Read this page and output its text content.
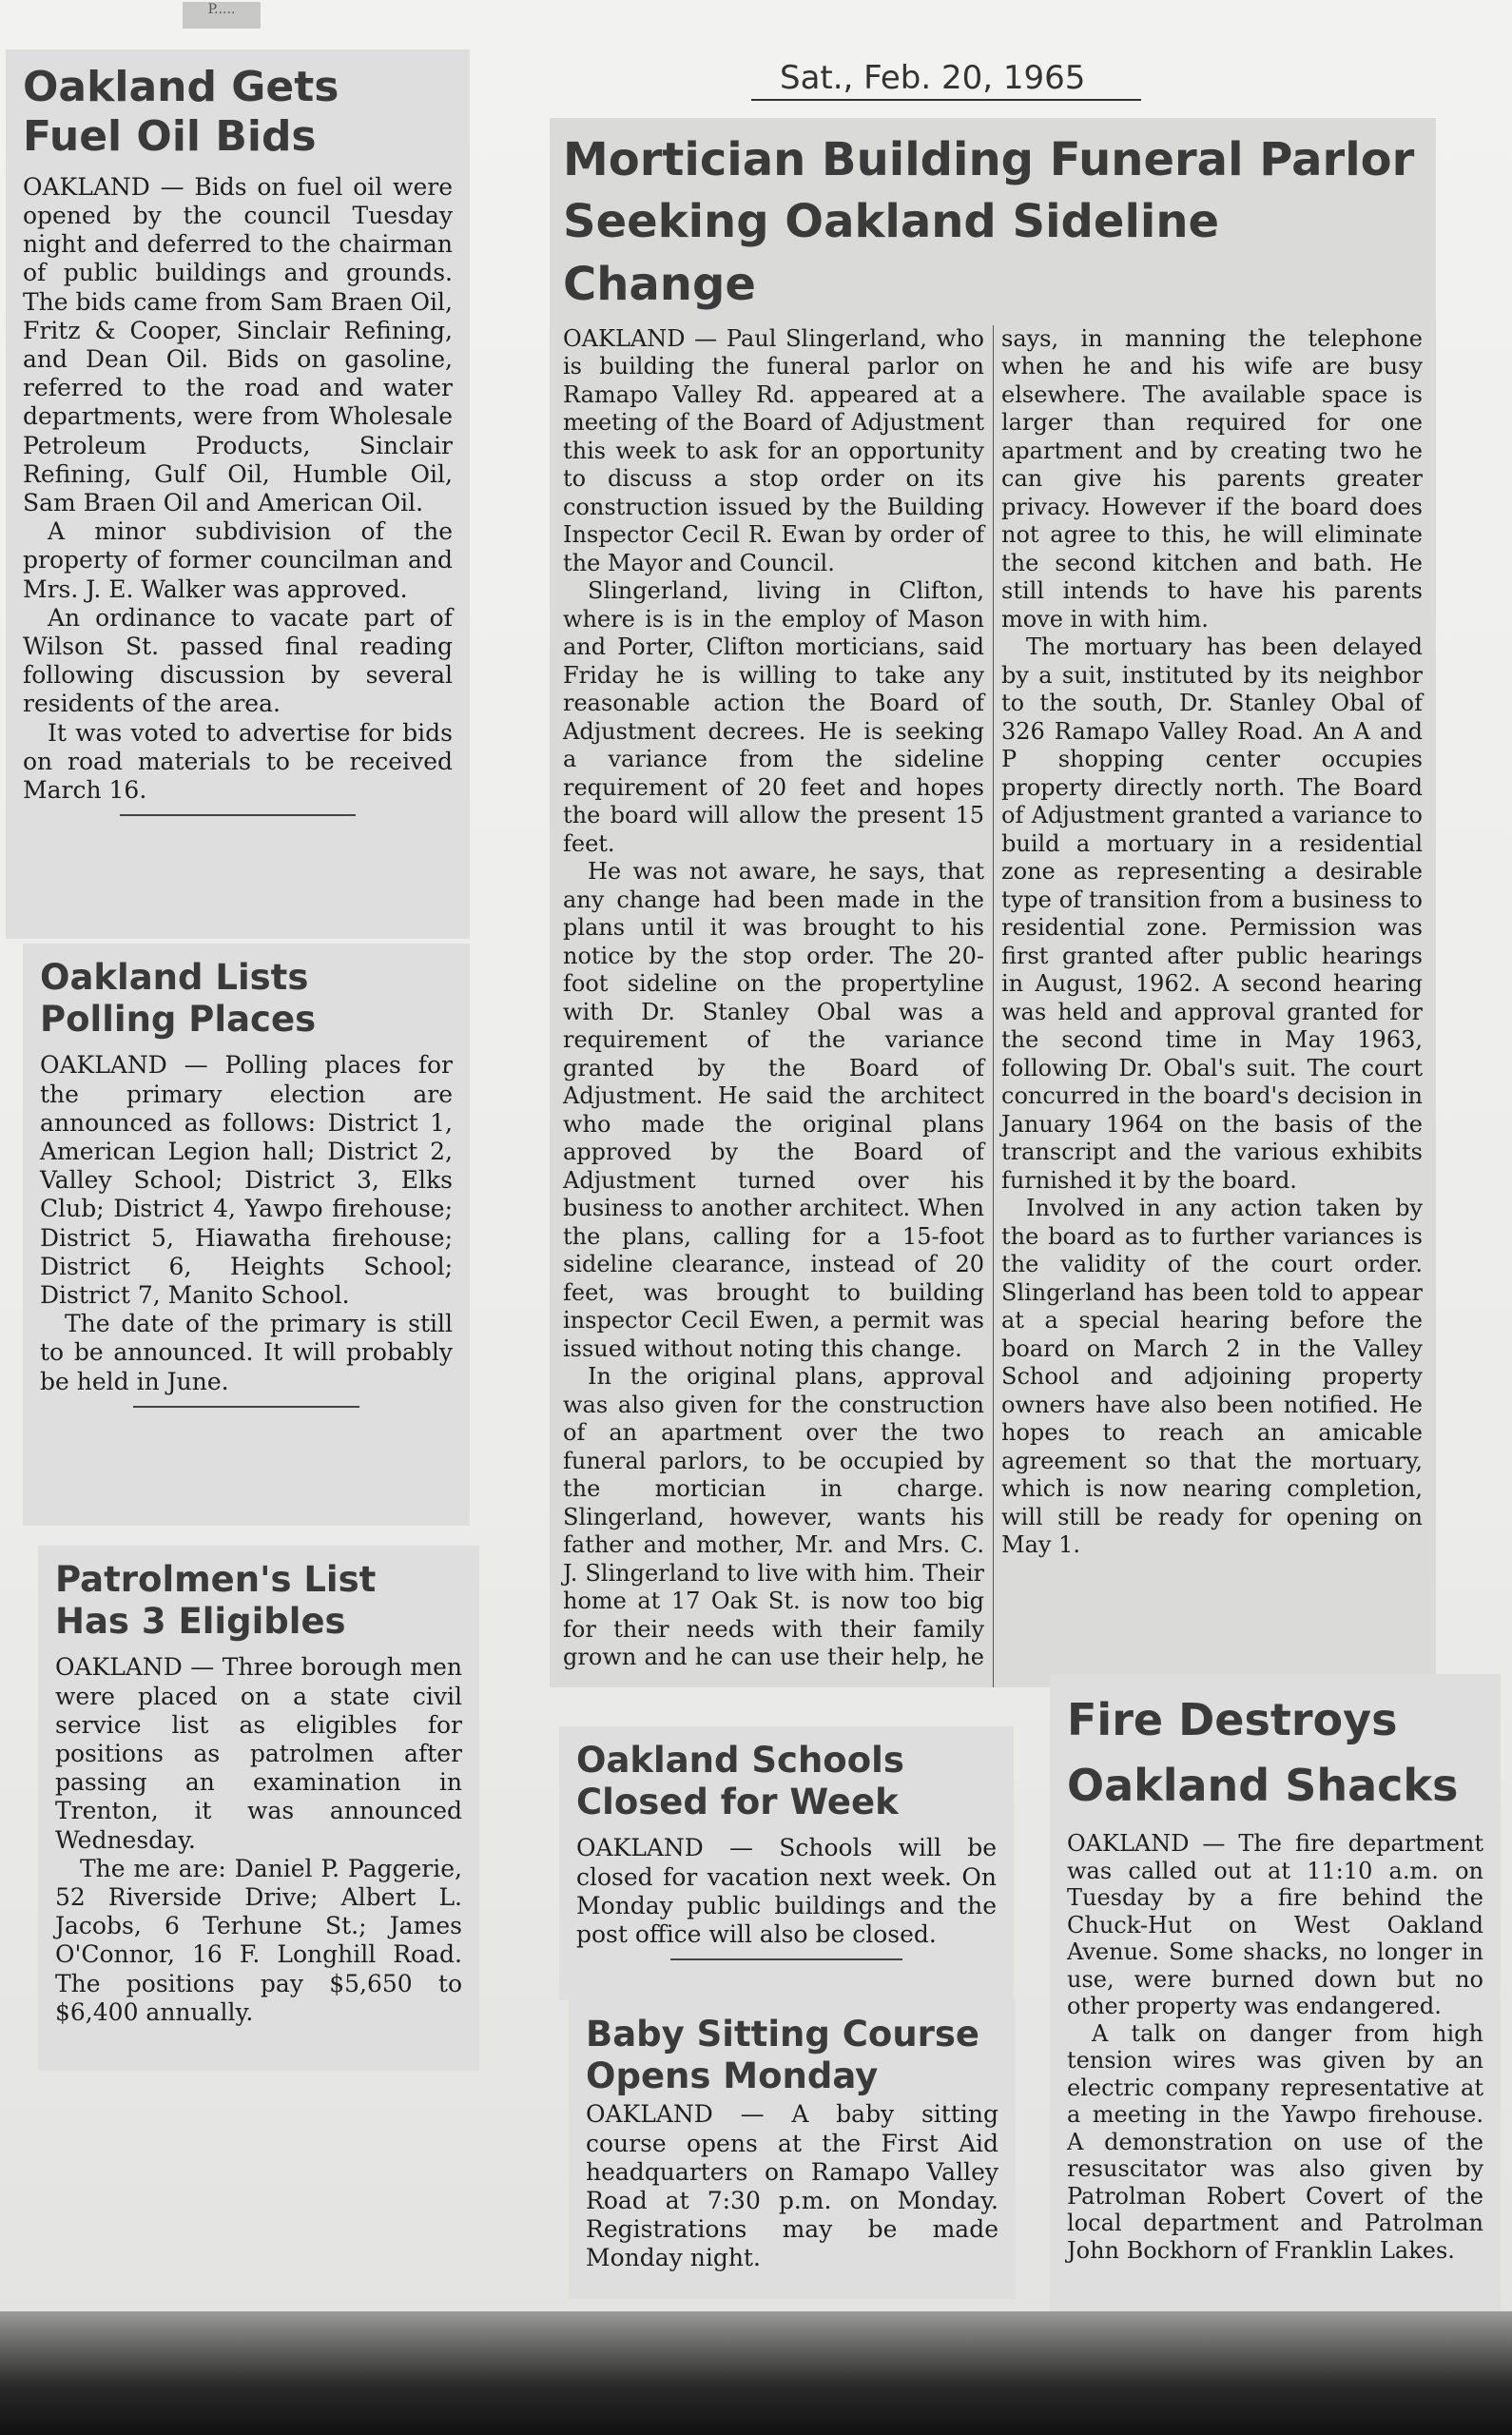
P.....
Sat., Feb. 20, 1965
Oakland Gets
Fuel Oil Bids

OAKLAND — Bids on fuel oil were opened by the council Tuesday night and deferred to the chairman of public buildings and grounds. The bids came from Sam Braen Oil, Fritz & Cooper, Sinclair Refining, and Dean Oil. Bids on gasoline, referred to the road and water departments, were from Wholesale Petroleum Products, Sinclair Refining, Gulf Oil, Humble Oil, Sam Braen Oil and American Oil.

A minor subdivision of the property of former councilman and Mrs. J. E. Walker was approved.

An ordinance to vacate part of Wilson St. passed final reading following discussion by several residents of the area.

It was voted to advertise for bids on road materials to be received March 16.

Oakland Lists
Polling Places

OAKLAND — Polling places for the primary election are announced as follows: District 1, American Legion hall; District 2, Valley School; District 3, Elks Club; District 4, Yawpo firehouse; District 5, Hiawatha firehouse; District 6, Heights School; District 7, Manito School.

The date of the primary is still to be announced. It will probably be held in June.

Patrolmen's List
Has 3 Eligibles

OAKLAND — Three borough men were placed on a state civil service list as eligibles for positions as patrolmen after passing an examination in Trenton, it was announced Wednesday.

The me are: Daniel P. Paggerie, 52 Riverside Drive; Albert L. Jacobs, 6 Terhune St.; James O'Connor, 16 F. Longhill Road. The positions pay $5,650 to $6,400 annually.

Mortician Building Funeral Parlor
Seeking Oakland Sideline Change

OAKLAND — Paul Slingerland, who is building the funeral parlor on Ramapo Valley Rd. appeared at a meeting of the Board of Adjustment this week to ask for an opportunity to discuss a stop order on its construction issued by the Building Inspector Cecil R. Ewan by order of the Mayor and Council.

Slingerland, living in Clifton, where is is in the employ of Mason and Porter, Clifton morticians, said Friday he is willing to take any reasonable action the Board of Adjustment decrees. He is seeking a variance from the sideline requirement of 20 feet and hopes the board will allow the present 15 feet.

He was not aware, he says, that any change had been made in the plans until it was brought to his notice by the stop order. The 20-foot sideline on the propertyline with Dr. Stanley Obal was a requirement of the variance granted by the Board of Adjustment. He said the architect who made the original plans approved by the Board of Adjustment turned over his business to another architect. When the plans, calling for a 15-foot sideline clearance, instead of 20 feet, was brought to building inspector Cecil Ewen, a permit was issued without noting this change.

In the original plans, approval was also given for the construction of an apartment over the two funeral parlors, to be occupied by the mortician in charge. Slingerland, however, wants his father and mother, Mr. and Mrs. C. J. Slingerland to live with him. Their home at 17 Oak St. is now too big for their needs with their family grown and he can use their help, he says, in manning the telephone when he and his wife are busy elsewhere. The available space is larger than required for one apartment and by creating two he can give his parents greater privacy. However if the board does not agree to this, he will eliminate the second kitchen and bath. He still intends to have his parents move in with him.

The mortuary has been delayed by a suit, instituted by its neighbor to the south, Dr. Stanley Obal of 326 Ramapo Valley Road. An A and P shopping center occupies property directly north. The Board of Adjustment granted a variance to build a mortuary in a residential zone as representing a desirable type of transition from a business to residential zone. Permission was first granted after public hearings in August, 1962. A second hearing was held and approval granted for the second time in May 1963, following Dr. Obal's suit. The court concurred in the board's decision in January 1964 on the basis of the transcript and the various exhibits furnished it by the board.

Involved in any action taken by the board as to further variances is the validity of the court order. Slingerland has been told to appear at a special hearing before the board on March 2 in the Valley School and adjoining property owners have also been notified. He hopes to reach an amicable agreement so that the mortuary, which is now nearing completion, will still be ready for opening on May 1.

Oakland Schools
Closed for Week

OAKLAND — Schools will be closed for vacation next week. On Monday public buildings and the post office will also be closed.

Baby Sitting Course
Opens Monday

OAKLAND — A baby sitting course opens at the First Aid headquarters on Ramapo Valley Road at 7:30 p.m. on Monday. Registrations may be made Monday night.

Fire Destroys
Oakland Shacks

OAKLAND — The fire department was called out at 11:10 a.m. on Tuesday by a fire behind the Chuck-Hut on West Oakland Avenue. Some shacks, no longer in use, were burned down but no other property was endangered.

A talk on danger from high tension wires was given by an electric company representative at a meeting in the Yawpo firehouse. A demonstration on use of the resuscitator was also given by Patrolman Robert Covert of the local department and Patrolman John Bockhorn of Franklin Lakes.
